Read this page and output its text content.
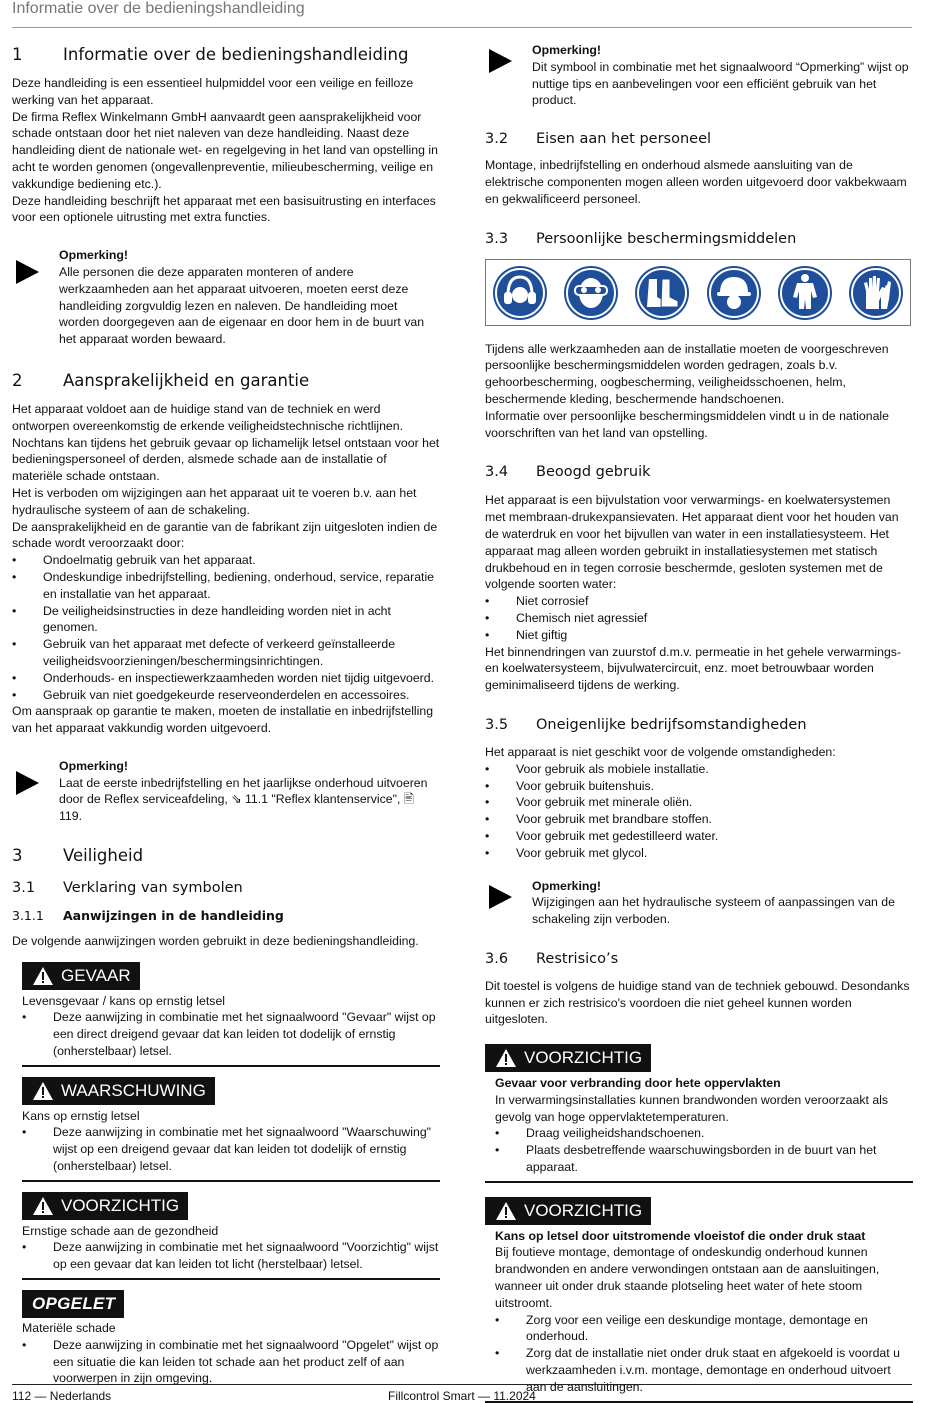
Informatie over de bedieningshandleiding
1	Informatie over de bedieningshandleiding

Deze handleiding is een essentieel hulpmiddel voor een veilige en feilloze werking van het apparaat.

De firma Reflex Winkelmann GmbH aanvaardt geen aansprakelijkheid voor schade ontstaan door het niet naleven van deze handleiding. Naast deze handleiding dient de nationale wet- en regelgeving in het land van opstelling in acht te worden genomen (ongevallenpreventie, milieubescherming, veilige en vakkundige bediening etc.).

Deze handleiding beschrijft het apparaat met een basisuitrusting en interfaces voor een optionele uitrusting met extra functies.

Opmerking!
Alle personen die deze apparaten monteren of andere werkzaamheden aan het apparaat uitvoeren, moeten eerst deze handleiding zorgvuldig lezen en naleven. De handleiding moet worden doorgegeven aan de eigenaar en door hem in de buurt van het apparaat worden bewaard.
2	Aansprakelijkheid en garantie

Het apparaat voldoet aan de huidige stand van de techniek en werd ontworpen overeenkomstig de erkende veiligheidstechnische richtlijnen. Nochtans kan tijdens het gebruik gevaar op lichamelijk letsel ontstaan voor het bedieningspersoneel of derden, alsmede schade aan de installatie of materiële schade ontstaan.

Het is verboden om wijzigingen aan het apparaat uit te voeren b.v. aan het hydraulische systeem of aan de schakeling.

De aansprakelijkheid en de garantie van de fabrikant zijn uitgesloten indien de schade wordt veroorzaakt door:

•	Ondoelmatig gebruik van het apparaat.
•	Ondeskundige inbedrijfstelling, bediening, onderhoud, service, reparatie en installatie van het apparaat.
•	De veiligheidsinstructies in deze handleiding worden niet in acht genomen.
•	Gebruik van het apparaat met defecte of verkeerd geïnstalleerde veiligheidsvoorzieningen/beschermingsinrichtingen.
•	Onderhouds- en inspectiewerkzaamheden worden niet tijdig uitgevoerd.
•	Gebruik van niet goedgekeurde reserveonderdelen en accessoires.

Om aanspraak op garantie te maken, moeten de installatie en inbedrijfstelling van het apparaat vakkundig worden uitgevoerd.

Opmerking!
Laat de eerste inbedrijfstelling en het jaarlijkse onderhoud uitvoeren door de Reflex serviceafdeling, ⇘ 11.1 "Reflex klantenservice", 🖹 119.
3	Veiligheid
3.1	Verklaring van symbolen
3.1.1	Aanwijzingen in de handleiding

De volgende aanwijzingen worden gebruikt in deze bedieningshandleiding.

GEVAAR
Levensgevaar / kans op ernstig letsel
•	Deze aanwijzing in combinatie met het signaalwoord "Gevaar" wijst op een direct dreigend gevaar dat kan leiden tot dodelijk of ernstig (onherstelbaar) letsel.
WAARSCHUWING
Kans op ernstig letsel
•	Deze aanwijzing in combinatie met het signaalwoord "Waarschuwing" wijst op een dreigend gevaar dat kan leiden tot dodelijk of ernstig (onherstelbaar) letsel.
VOORZICHTIG
Ernstige schade aan de gezondheid
•	Deze aanwijzing in combinatie met het signaalwoord "Voorzichtig" wijst op een gevaar dat kan leiden tot licht (herstelbaar) letsel.
OPGELET
Materiële schade
•	Deze aanwijzing in combinatie met het signaalwoord "Opgelet" wijst op een situatie die kan leiden tot schade aan het product zelf of aan voorwerpen in zijn omgeving.
Opmerking!
Dit symbool in combinatie met het signaalwoord “Opmerking” wijst op nuttige tips en aanbevelingen voor een efficiënt gebruik van het product.
3.2	Eisen aan het personeel

Montage, inbedrijfstelling en onderhoud alsmede aansluiting van de elektrische componenten mogen alleen worden uitgevoerd door vakbekwaam en gekwalificeerd personeel.

3.3	Persoonlijke beschermingsmiddelen

Tijdens alle werkzaamheden aan de installatie moeten de voorgeschreven persoonlijke beschermingsmiddelen worden gedragen, zoals b.v. gehoorbescherming, oogbescherming, veiligheidsschoenen, helm, beschermende kleding, beschermende handschoenen.

Informatie over persoonlijke beschermingsmiddelen vindt u in de nationale voorschriften van het land van opstelling.

3.4	Beoogd gebruik

Het apparaat is een bijvulstation voor verwarmings- en koelwatersystemen met membraan-drukexpansievaten. Het apparaat dient voor het houden van de waterdruk en voor het bijvullen van water in een installatiesysteem. Het apparaat mag alleen worden gebruikt in installatiesystemen met statisch drukbehoud en in tegen corrosie beschermde, gesloten systemen met de volgende soorten water:

•	Niet corrosief
•	Chemisch niet agressief
•	Niet giftig

Het binnendringen van zuurstof d.m.v. permeatie in het gehele verwarmings- en koelwatersysteem, bijvulwatercircuit, enz. moet betrouwbaar worden geminimaliseerd tijdens de werking.

3.5	Oneigenlijke bedrijfsomstandigheden

Het apparaat is niet geschikt voor de volgende omstandigheden:

•	Voor gebruik als mobiele installatie.
•	Voor gebruik buitenshuis.
•	Voor gebruik met minerale oliën.
•	Voor gebruik met brandbare stoffen.
•	Voor gebruik met gedestilleerd water.
•	Voor gebruik met glycol.
Opmerking!
Wijzigingen aan het hydraulische systeem of aanpassingen van de schakeling zijn verboden.
3.6	Restrisico’s

Dit toestel is volgens de huidige stand van de techniek gebouwd. Desondanks kunnen er zich restrisico's voordoen die niet geheel kunnen worden uitgesloten.

VOORZICHTIG
Gevaar voor verbranding door hete oppervlakten
In verwarmingsinstallaties kunnen brandwonden worden veroorzaakt als gevolg van hoge oppervlaktetemperaturen.
•	Draag veiligheidshandschoenen.
•	Plaats desbetreffende waarschuwingsborden in de buurt van het apparaat.
VOORZICHTIG
Kans op letsel door uitstromende vloeistof die onder druk staat
Bij foutieve montage, demontage of ondeskundig onderhoud kunnen brandwonden en andere verwondingen ontstaan aan de aansluitingen, wanneer uit onder druk staande plotseling heet water of hete stoom uitstroomt.
•	Zorg voor een veilige een deskundige montage, demontage en onderhoud.
•	Zorg dat de installatie niet onder druk staat en afgekoeld is voordat u werkzaamheden i.v.m. montage, demontage en onderhoud uitvoert aan de aansluitingen.
112 — Nederlands	Fillcontrol Smart — 11.2024
